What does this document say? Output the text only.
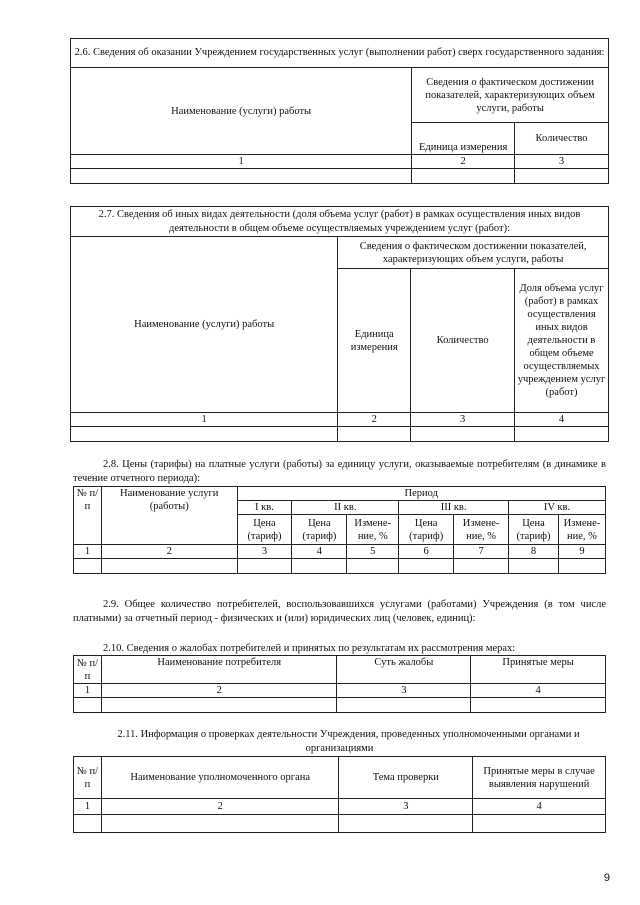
2.6. Сведения об оказании Учреждением государственных услуг (выполнении работ) сверх государственного задания:		
Наименование (услуги) работы	Сведения о фактическом достижении показателей, характеризующих объем услуги, работы	
	Единица измерения	Количество
1	2	3

2.7. Сведения об иных видах деятельности (доля объема услуг (работ) в рамках осуществления иных видов деятельности в общем объеме осуществляемых учреждением услуг (работ):			
Наименование (услуги) работы	Сведения о фактическом достижении показателей, характеризующих объем услуги, работы		
	Единица измерения	Количество	Доля объема услуг (работ) в рамках осуществления иных видов деятельности в общем объеме осуществляемых учреждением услуг (работ)
1	2	3	4

2.8. Цены (тарифы) на платные услуги (работы) за единицу услуги, оказываемые потребителям (в динамике в течение отчетного периода):
№ п/п	Наименование услуги (работы)	Период						
		I кв.	II кв.		III кв.		IV кв.	
		Цена (тариф)	Цена (тариф)	Измене-ние, %	Цена (тариф)	Измене-ние, %	Цена (тариф)	Измене-ние, %
1	2	3	4	5	6	7	8	9

2.9. Общее количество потребителей, воспользовавшихся услугами (работами) Учреждения (в том числе платными) за отчетный период - физических и (или) юридических лиц (человек, единиц):
2.10. Сведения о жалобах потребителей и принятых по результатам их рассмотрения мерах:
№ п/п	Наименование потребителя	Суть жалобы	Принятые меры
1	2	3	4

2.11. Информация о проверках деятельности Учреждения, проведенных уполномоченными органами и организациями
№ п/п	Наименование уполномоченного органа	Тема проверки	Принятые меры в случае выявления нарушений
1	2	3	4

9
